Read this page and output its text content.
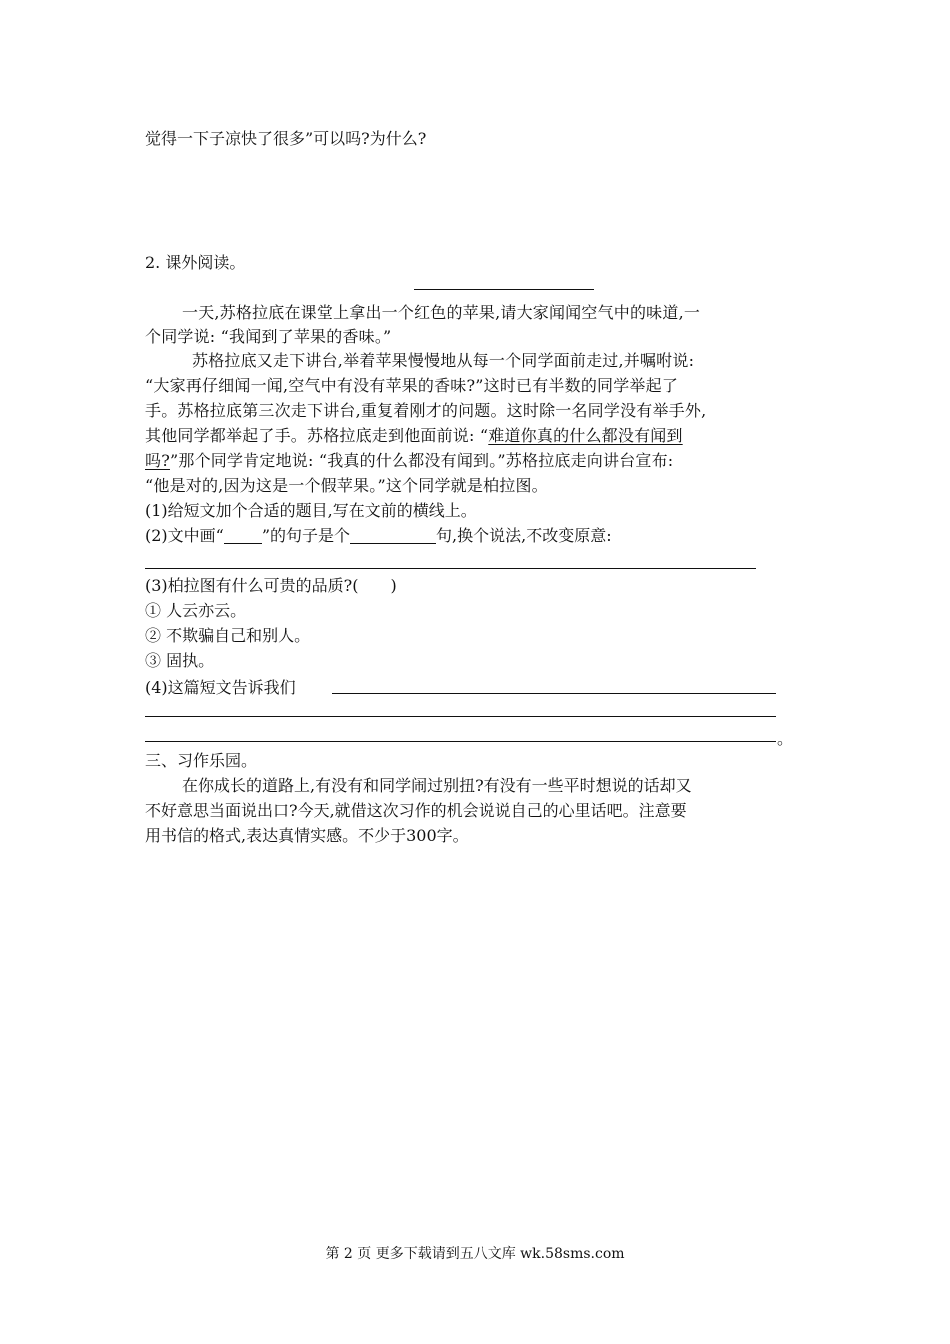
觉得一下子凉快了很多”可以吗?为什么?
2. 课外阅读。
一天,苏格拉底在课堂上拿出一个红色的苹果,请大家闻闻空气中的味道,一
个同学说: “我闻到了苹果的香味。”
苏格拉底又走下讲台,举着苹果慢慢地从每一个同学面前走过,并嘱咐说:
“大家再仔细闻一闻,空气中有没有苹果的香味?”这时已有半数的同学举起了
手。苏格拉底第三次走下讲台,重复着刚才的问题。这时除一名同学没有举手外,
其他同学都举起了手。苏格拉底走到他面前说: “难道你真的什么都没有闻到
吗?”那个同学肯定地说: “我真的什么都没有闻到。”苏格拉底走向讲台宣布:
“他是对的,因为这是一个假苹果。”这个同学就是柏拉图。
(1)给短文加个合适的题目,写在文前的横线上。
(2)文中画“ ”的句子是个	句,换个说法,不改变原意:
(3)柏拉图有什么可贵的品质?(　　)
① 人云亦云。
② 不欺骗自己和别人。
③ 固执。
(4)这篇短文告诉我们
。
三、习作乐园。
在你成长的道路上,有没有和同学闹过别扭?有没有一些平时想说的话却又
不好意思当面说出口?今天,就借这次习作的机会说说自己的心里话吧。注意要
用书信的格式,表达真情实感。不少于300字。
第 2 页 更多下载请到五八文库 wk.58sms.com
